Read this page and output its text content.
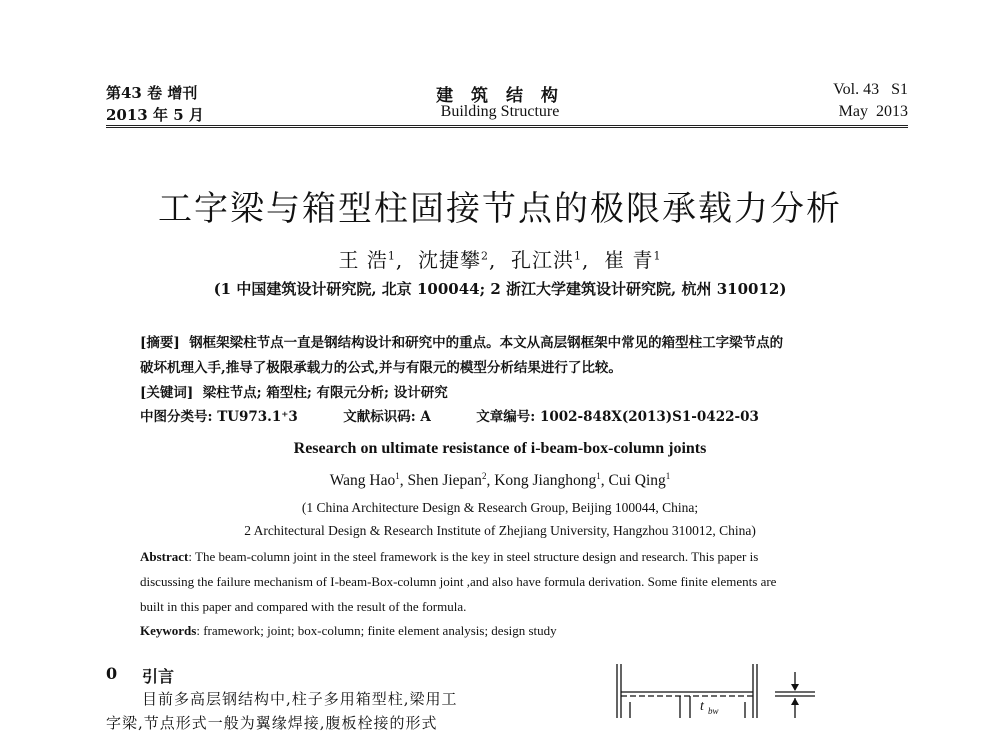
第43 卷 增刊
2013 年 5 月
建 筑 结 构
Building Structure
Vol. 43   S1
May  2013
工字梁与箱型柱固接节点的极限承载力分析
王 浩$^1$,  沈捷攀$^2$,  孔江洪$^1$,  崔 青$^1$
(1 中国建筑设计研究院, 北京 100044; 2 浙江大学建筑设计研究院, 杭州 310012)
[摘要] 钢框架梁柱节点一直是钢结构设计和研究中的重点。本文从高层钢框架中常见的箱型柱工字梁节点的
破坏机理入手,推导了极限承载力的公式,并与有限元的模型分析结果进行了比较。
[关键词] 梁柱节点; 箱型柱; 有限元分析; 设计研究
中图分类号: TU973.1⁺3	文献标识码: A	文章编号: 1002-848X(2013)S1-0422-03
Research on ultimate resistance of i-beam-box-column joints
Wang Hao$^1$, Shen Jiepan$^2$, Kong Jianghong$^1$, Cui Qing$^1$
(1 China Architecture Design & Research Group, Beijing 100044, China;
2 Architectural Design & Research Institute of Zhejiang University, Hangzhou 310012, China)
Abstract: The beam-column joint in the steel framework is the key in steel structure design and research. This paper is
discussing the failure mechanism of I-beam-Box-column joint ,and also have formula derivation. Some finite elements are
built in this paper and compared with the result of the formula.
Keywords: framework; joint; box-column; finite element analysis; design study
0 引言
目前多高层钢结构中,柱子多用箱型柱,梁用工
字梁,节点形式一般为翼缘焊接,腹板栓接的形式
t bw
